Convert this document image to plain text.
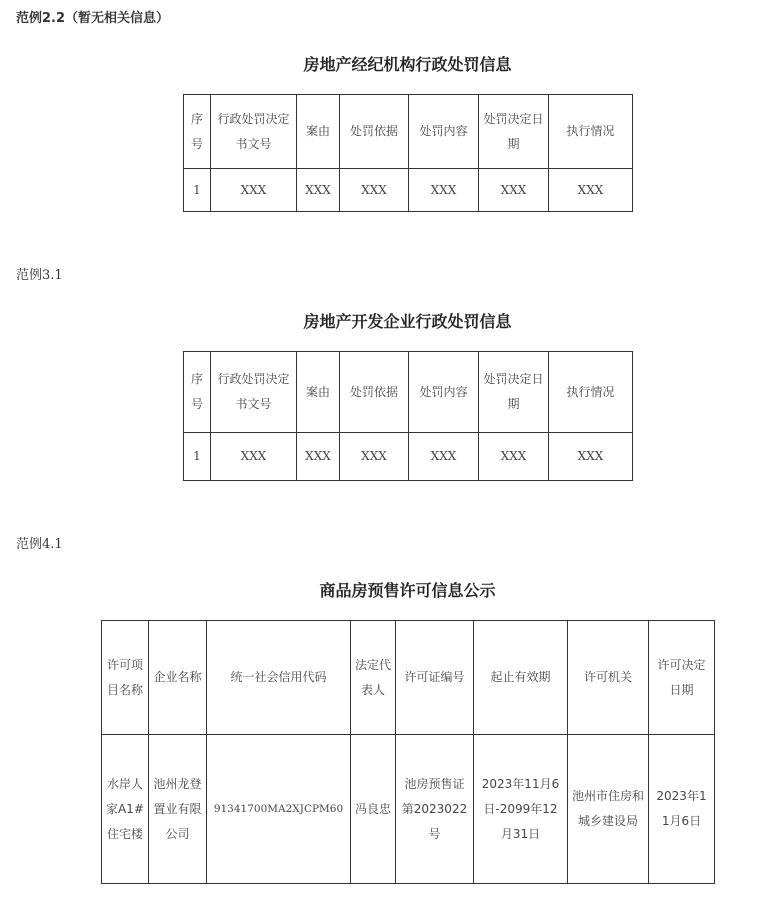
范例2.2（暂无相关信息）
房地产经纪机构行政处罚信息
序号	行政处罚决定书文号	案由	处罚依据	处罚内容	处罚决定日期	执行情况
1	XXX	XXX	XXX	XXX	XXX	XXX
范例3.1
房地产开发企业行政处罚信息
序号	行政处罚决定书文号	案由	处罚依据	处罚内容	处罚决定日期	执行情况
1	XXX	XXX	XXX	XXX	XXX	XXX
范例4.1
商品房预售许可信息公示
许可项目名称	企业名称	统一社会信用代码	法定代表人	许可证编号	起止有效期	许可机关	许可决定日期
水岸人家A1#住宅楼	池州龙登置业有限公司	91341700MA2XJCPM60	冯良忠	池房预售证第2023022号	2023年11月6日-2099年12月31日	池州市住房和城乡建设局	2023年11月6日
